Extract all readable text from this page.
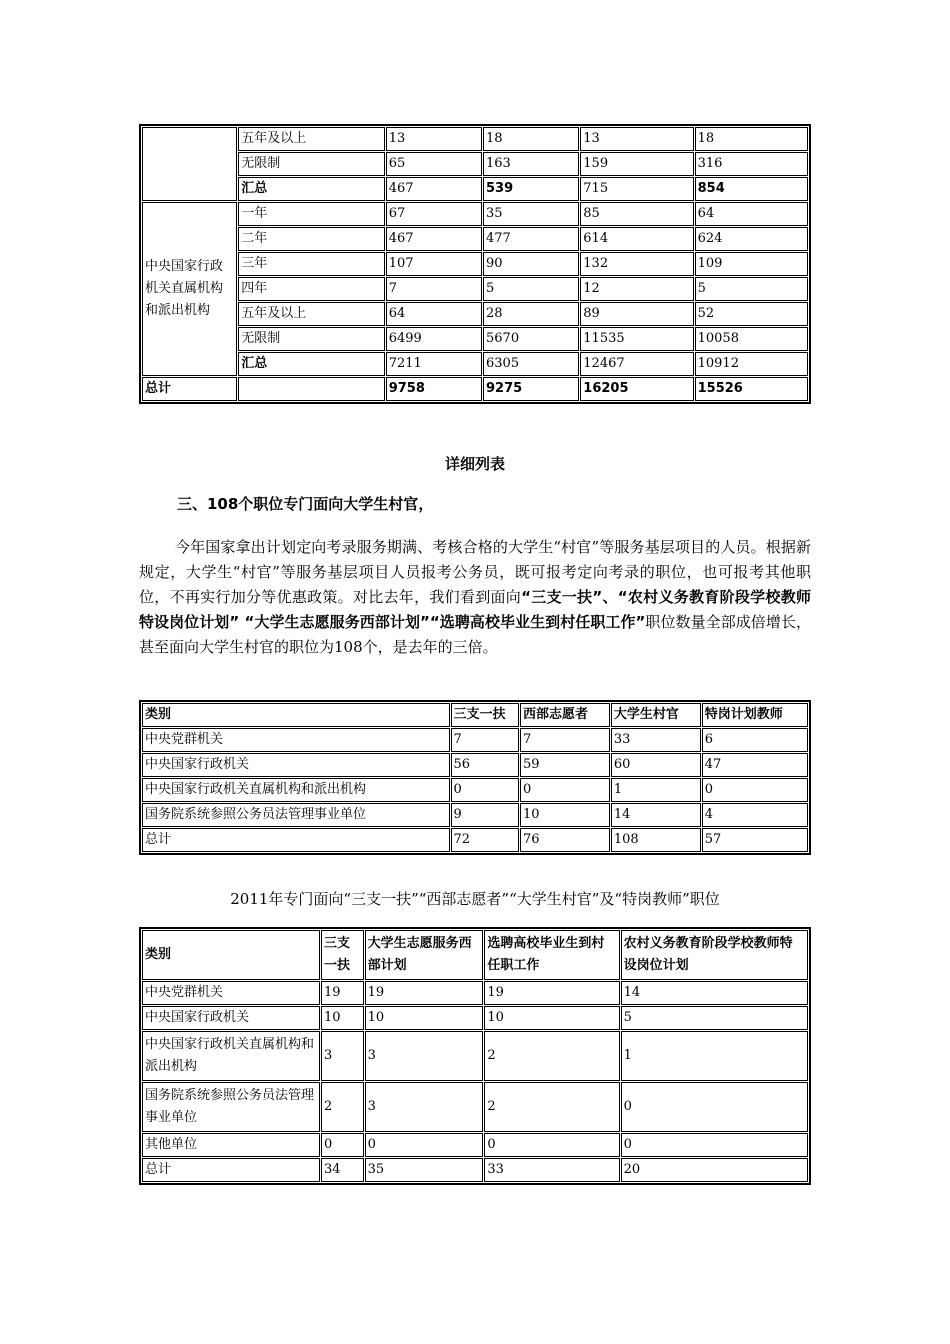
	五年及以上	13	18	13	18
	无限制	65	163	159	316
	汇总	467	539	715	854
中央国家行政机关直属机构和派出机构	一年	67	35	85	64
	二年	467	477	614	624
	三年	107	90	132	109
	四年	7	5	12	5
	五年及以上	64	28	89	52
	无限制	6499	5670	11535	10058
	汇总	7211	6305	12467	10912
总计		9758	9275	16205	15526
详细列表
三、108个职位专门面向大学生村官，

今年国家拿出计划定向考录服务期满、考核合格的大学生“村官”等服务基层项目的人员。根据新规定，大学生“村官”等服务基层项目人员报考公务员，既可报考定向考录的职位，也可报考其他职位，不再实行加分等优惠政策。对比去年，我们看到面向“三支一扶”、“农村义务教育阶段学校教师特设岗位计划” “大学生志愿服务西部计划”“选聘高校毕业生到村任职工作”职位数量全部成倍增长，甚至面向大学生村官的职位为108个，是去年的三倍。

类别	三支一扶	西部志愿者	大学生村官	特岗计划教师
中央党群机关	7	7	33	6
中央国家行政机关	56	59	60	47
中央国家行政机关直属机构和派出机构	0	0	1	0
国务院系统参照公务员法管理事业单位	9	10	14	4
总计	72	76	108	57
2011年专门面向“三支一扶”“西部志愿者”“大学生村官”及“特岗教师”职位
类别	三支一扶	大学生志愿服务西部计划	选聘高校毕业生到村任职工作	农村义务教育阶段学校教师特设岗位计划
中央党群机关	19	19	19	14
中央国家行政机关	10	10	10	5
中央国家行政机关直属机构和派出机构	3	3	2	1
国务院系统参照公务员法管理事业单位	2	3	2	0
其他单位	0	0	0	0
总计	34	35	33	20
